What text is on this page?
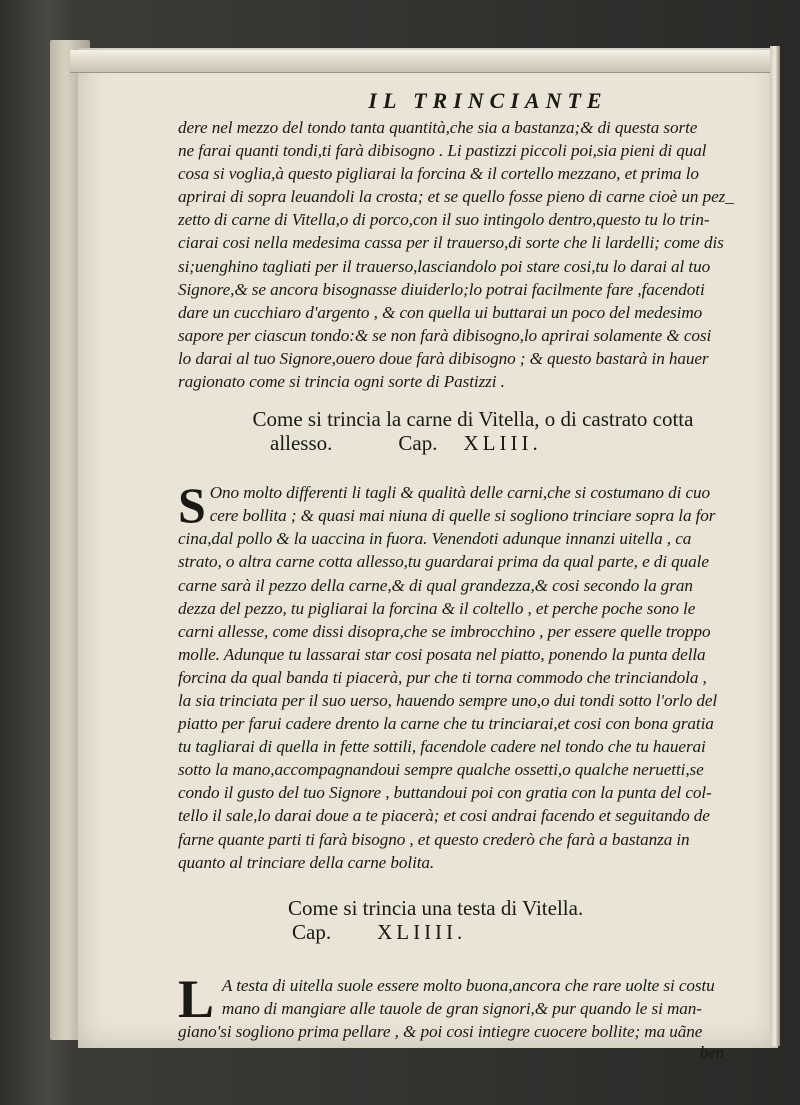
IL TRINCIANTE

dere nel mezzo del tondo tanta quantità,che sia a bastanza;& di questa sorte
ne farai quanti tondi,ti farà dibisogno . Li pastizzi piccoli poi,sia pieni di qual
cosa si voglia,à questo pigliarai la forcina & il cortello mezzano, et prima lo
aprirai di sopra leuandoli la crosta; et se quello fosse pieno di carne cioè un pez_
zetto di carne di Vitella,o di porco,con il suo intingolo dentro,questo tu lo trin-
ciarai cosi nella medesima cassa per il trauerso,di sorte che li lardelli; come dis
si;uenghino tagliati per il trauerso,lasciandolo poi stare cosi,tu lo darai al tuo
Signore,& se ancora bisognasse diuiderlo;lo potrai facilmente fare ,facendoti
dare un cucchiaro d'argento , & con quella ui buttarai un poco del medesimo
sapore per ciascun tondo:& se non farà dibisogno,lo aprirai solamente & cosi
lo darai al tuo Signore,ouero doue farà dibisogno ; & questo bastarà in hauer
ragionato come si trincia ogni sorte di Pastizzi .

Come si trincia la carne di Vitella, o di castrato cotta
allesso.	Cap. XLIII.
S Ono molto differenti li tagli & qualità delle carni,che si costumano di cuo
cere bollita ; & quasi mai niuna di quelle si sogliono trinciare sopra la for
cina,dal pollo & la uaccina in fuora. Venendoti adunque innanzi uitella , ca
strato, o altra carne cotta allesso,tu guardarai prima da qual parte, e di quale
carne sarà il pezzo della carne,& di qual grandezza,& cosi secondo la gran
dezza del pezzo, tu pigliarai la forcina & il coltello , et perche poche sono le
carni allesse, come dissi disopra,che se imbrocchino , per essere quelle troppo
molle. Adunque tu lassarai star cosi posata nel piatto, ponendo la punta della
forcina da qual banda ti piacerà, pur che ti torna commodo che trinciandola ,
la sia trinciata per il suo uerso, hauendo sempre uno,o dui tondi sotto l'orlo del
piatto per farui cadere drento la carne che tu trinciarai,et cosi con bona gratia
tu tagliarai di quella in fette sottili, facendole cadere nel tondo che tu hauerai
sotto la mano,accompagnandoui sempre qualche ossetti,o qualche neruetti,se
condo il gusto del tuo Signore , buttandoui poi con gratia con la punta del col-
tello il sale,lo darai doue a te piacerà; et cosi andrai facendo et seguitando de
farne quante parti ti farà bisogno , et questo crederò che farà a bastanza in
quanto al trinciare della carne bolita.
Come si trincia una testa di Vitella.
Cap. XLIIII.
L A testa di uitella suole essere molto buona,ancora che rare uolte si costu
mano di mangiare alle tauole de gran signori,& pur quando le si man-
giano'si sogliono prima pellare , & poi cosi intiegre cuocere bollite; ma uãne
ben
